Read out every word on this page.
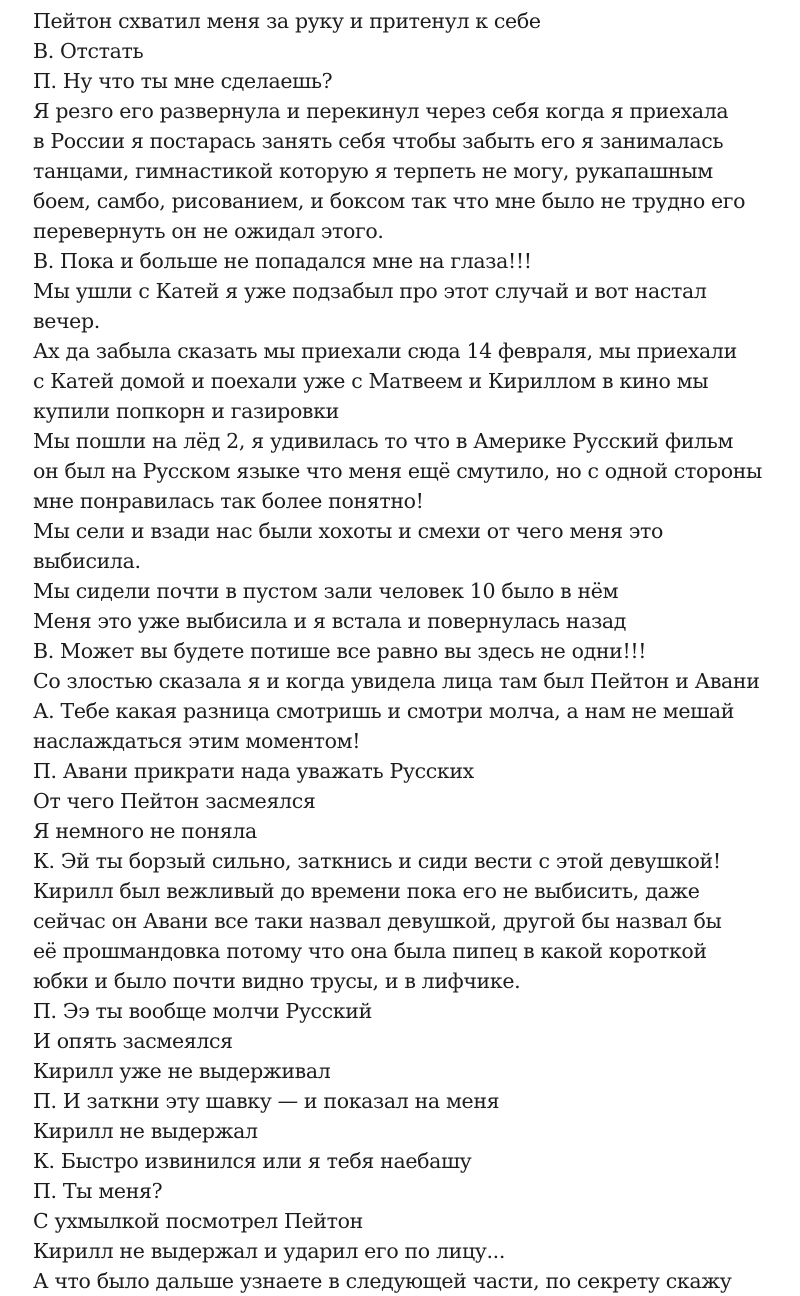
Пейтон схватил меня за руку и притенул к себе
В. Отстать
П. Ну что ты мне сделаешь?
Я резго его развернула и перекинул через себя когда я приехала
в России я постарась занять себя чтобы забыть его я занималась
танцами, гимнастикой которую я терпеть не могу, рукапашным
боем, самбо, рисованием, и боксом так что мне было не трудно его
перевернуть он не ожидал этого.
В. Пока и больше не попадался мне на глаза!!!
Мы ушли с Катей я уже подзабыл про этот случай и вот настал
вечер.
Ах да забыла сказать мы приехали сюда 14 февраля, мы приехали
с Катей домой и поехали уже с Матвеем и Кириллом в кино мы
купили попкорн и газировки
Мы пошли на лёд 2, я удивилась то что в Америке Русский фильм
он был на Русском языке что меня ещё смутило, но с одной стороны
мне понравилась так более понятно!
Мы сели и взади нас были хохоты и смехи от чего меня это
выбисила.
Мы сидели почти в пустом зали человек 10 было в нём
Меня это уже выбисила и я встала и повернулась назад
В. Может вы будете потише все равно вы здесь не одни!!!
Со злостью сказала я и когда увидела лица там был Пейтон и Авани
А. Тебе какая разница смотришь и смотри молча, а нам не мешай
наслаждаться этим моментом!
П. Авани прикрати нада уважать Русских
От чего Пейтон засмеялся
Я немного не поняла
К. Эй ты борзый сильно, заткнись и сиди вести с этой девушкой!
Кирилл был вежливый до времени пока его не выбисить, даже
сейчас он Авани все таки назвал девушкой, другой бы назвал бы
её прошмандовка потому что она была пипец в какой короткой
юбки и было почти видно трусы, и в лифчике.
П. Ээ ты вообще молчи Русский
И опять засмеялся
Кирилл уже не выдерживал
П. И заткни эту шавку — и показал на меня
Кирилл не выдержал
К. Быстро извинился или я тебя наебашу
П. Ты меня?
С ухмылкой посмотрел Пейтон
Кирилл не выдержал и ударил его по лицу...
А что было дальше узнаете в следующей части, по секрету скажу
